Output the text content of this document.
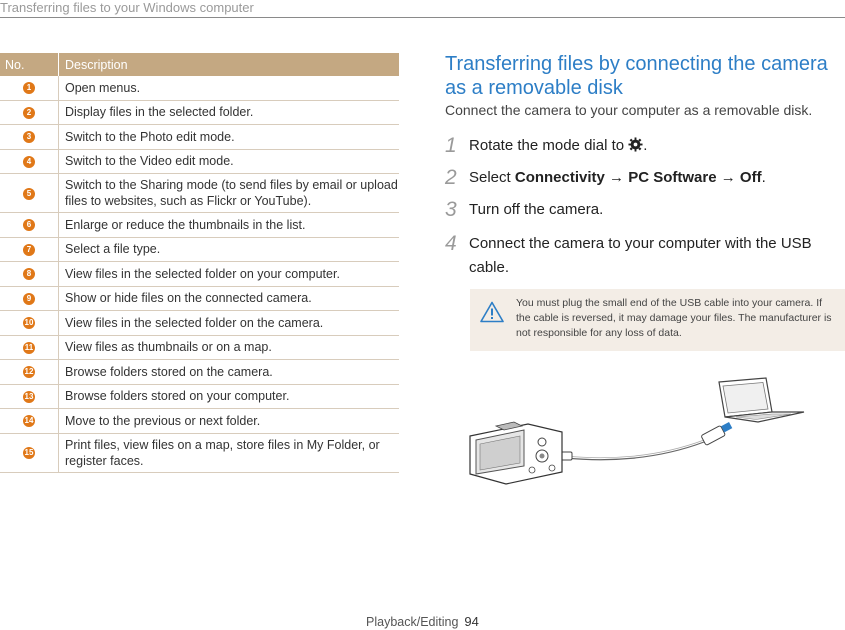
Transferring files to your Windows computer
No.	Description
1	Open menus.
2	Display files in the selected folder.
3	Switch to the Photo edit mode.
4	Switch to the Video edit mode.
5	Switch to the Sharing mode (to send files by email or upload files to websites, such as Flickr or YouTube).
6	Enlarge or reduce the thumbnails in the list.
7	Select a file type.
8	View files in the selected folder on your computer.
9	Show or hide files on the connected camera.
10	View files in the selected folder on the camera.
11	View files as thumbnails or on a map.
12	Browse folders stored on the camera.
13	Browse folders stored on your computer.
14	Move to the previous or next folder.
15	Print files, view files on a map, store files in My Folder, or register faces.
Transferring files by connecting the camera as a removable disk
Connect the camera to your computer as a removable disk.
1 Rotate the mode dial to .
2 Select Connectivity → PC Software → Off.
3 Turn off the camera.
4 Connect the camera to your computer with the USB cable.
You must plug the small end of the USB cable into your camera. If the cable is reversed, it may damage your files. The manufacturer is not responsible for any loss of data.
Playback/Editing 94
